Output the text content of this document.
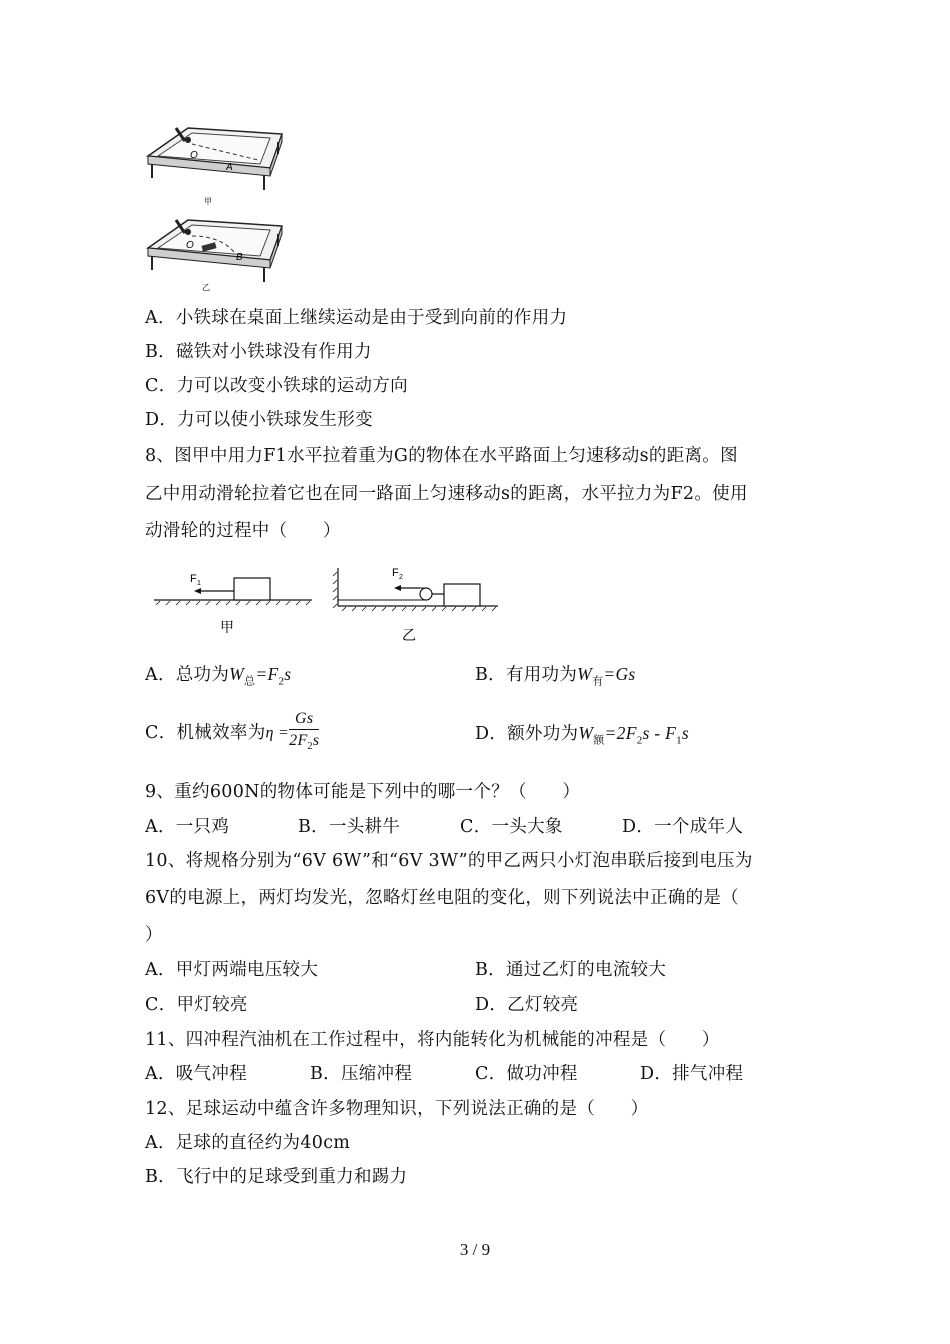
O
A
甲
O
B
乙
A．小铁球在桌面上继续运动是由于受到向前的作用力
B．磁铁对小铁球没有作用力
C．力可以改变小铁球的运动方向
D．力可以使小铁球发生形变
8、图甲中用力F1水平拉着重为G的物体在水平路面上匀速移动s的距离。图
乙中用动滑轮拉着它也在同一路面上匀速移动s的距离，水平拉力为F2。使用
动滑轮的过程中（　　）
F 1
甲
F 2
乙
A．总功为$W_总=F_2s$	B．有用功为$W_有=Gs$
C．机械效率为$\eta = \frac{Gs}{2F_2s}$	D．额外功为$W_额=2F_2s - F_1s$
9、重约600N的物体可能是下列中的哪一个？（　　）
A．一只鸡	B．一头耕牛	C．一头大象	D．一个成年人
10、将规格分别为“6V 6W”和“6V 3W”的甲乙两只小灯泡串联后接到电压为
6V的电源上，两灯均发光，忽略灯丝电阻的变化，则下列说法中正确的是（
）
A．甲灯两端电压较大	B．通过乙灯的电流较大
C．甲灯较亮	D．乙灯较亮
11、四冲程汽油机在工作过程中，将内能转化为机械能的冲程是（　　）
A．吸气冲程	B．压缩冲程	C．做功冲程	D．排气冲程
12、足球运动中蕴含许多物理知识，下列说法正确的是（　　）
A．足球的直径约为40cm
B．飞行中的足球受到重力和踢力
3 / 9
